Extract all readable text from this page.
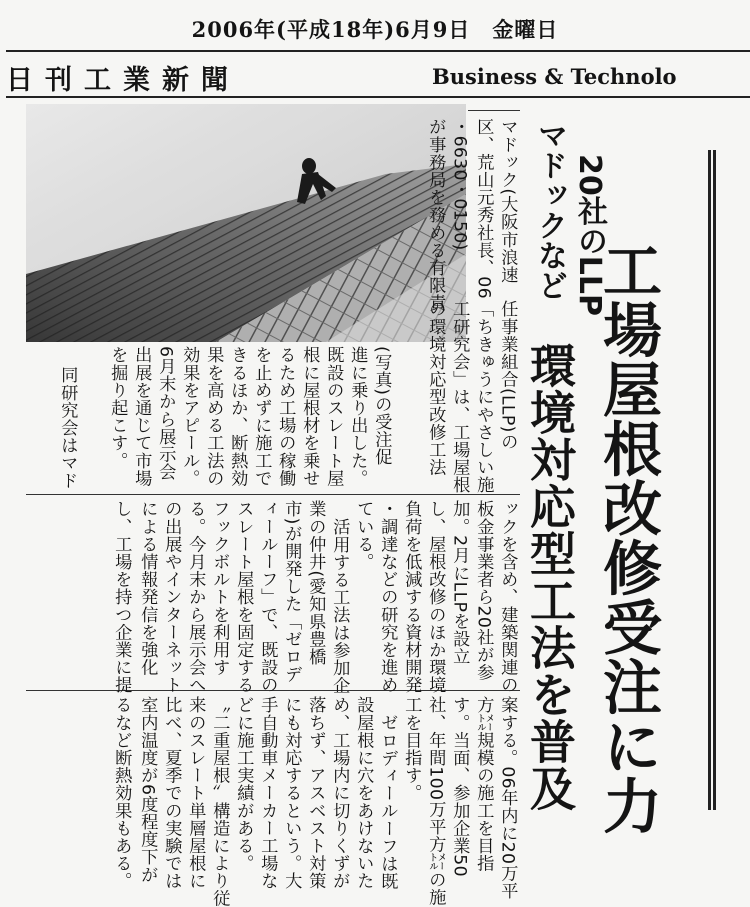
2006年(平成18年)6月9日　金曜日
日刊工業新聞	Business & Technolo
マドックなど 20社のLLP
工場屋根改修受注に力
環境対応型工法を普及
マドック(大阪市浪速
区、荒山元秀社長、06
・6630・0150)
が事務局を務める有限責
任事業組合(LLP)の
「ちきゅうにやさしい施
工研究会」は、工場屋根
の環境対応型改修工法
(写真)の受注促
進に乗り出した。
既設のスレート屋
根に屋根材を乗せ
るため工場の稼働
を止めずに施工で
きるほか、断熱効
果を高める工法の
効果をアピール。
6月末から展示会
出展を通じて市場
を掘り起こす。
同研究会はマド
ックを含め、建築関連の
板金事業者ら20社が参
加。2月にLLPを設立
し、屋根改修のほか環境
負荷を低減する資材開発
・調達などの研究を進め
ている。
活用する工法は参加企
業の仲井(愛知県豊橋
市)が開発した「ゼロデ
ィールーフ」で、既設の
スレート屋根を固定する
フックボルトを利用す
る。今月末から展示会へ
の出展やインターネット
による情報発信を強化
し、工場を持つ企業に提
案する。06年内に20万平
方㍍規模の施工を目指
す。当面、参加企業50
社、年間100万平方㍍の施
工を目指す。
ゼロディールーフは既
設屋根に穴をあけないた
め、工場内に切りくずが
落ちず、アスベスト対策
にも対応するという。大
手自動車メーカー工場な
どに施工実績がある。
〝二重屋根〟構造により従
来のスレート単層屋根に
比べ、夏季での実験では
室内温度が6度程度下が
るなど断熱効果もある。
